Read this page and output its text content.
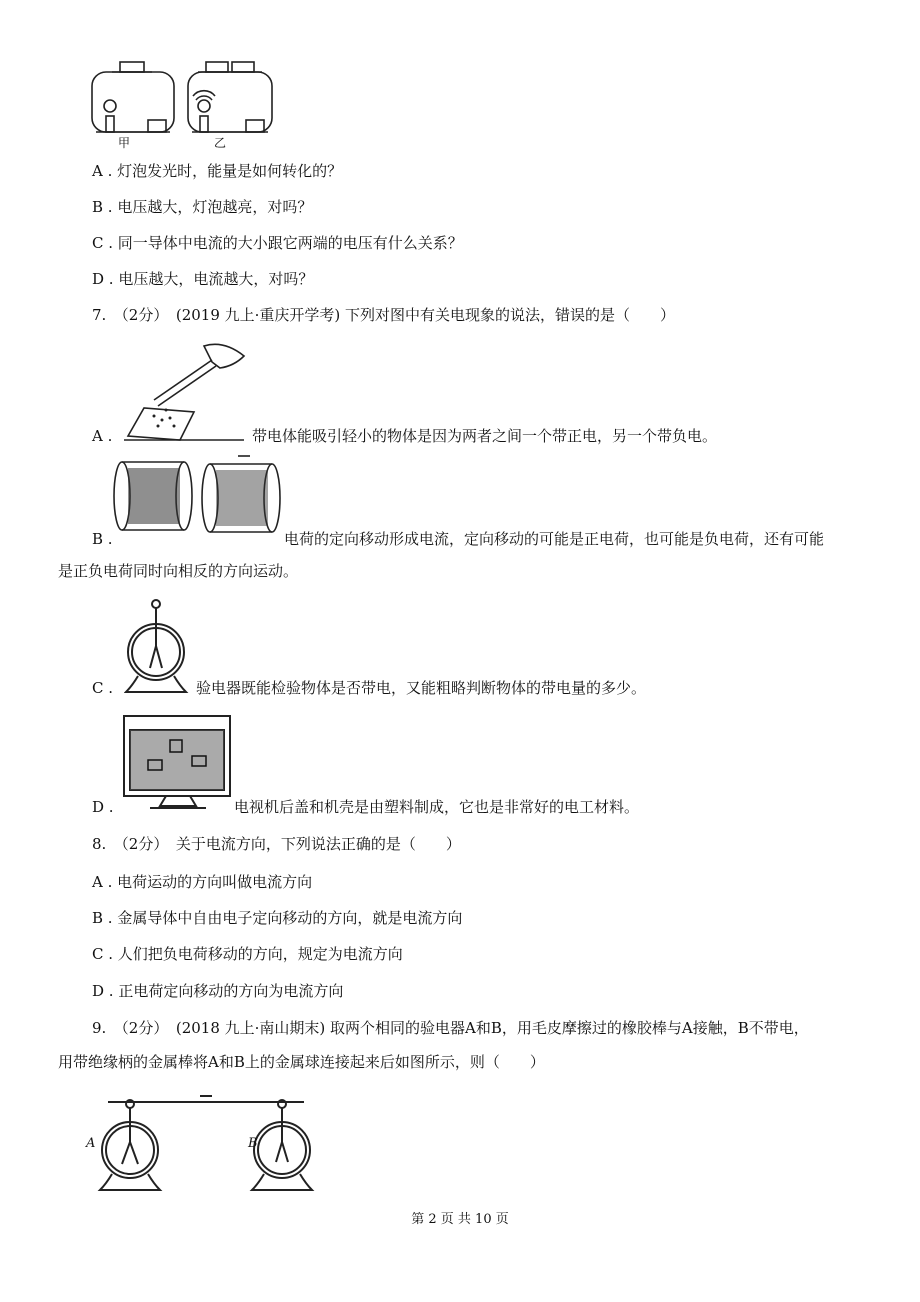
甲	乙
A . 灯泡发光时，能量是如何转化的？
B . 电压越大，灯泡越亮，对吗？
C . 同一导体中电流的大小跟它两端的电压有什么关系？
D . 电压越大，电流越大，对吗？
7.　（2分）　(2019 九上·重庆开学考) 下列对图中有关电现象的说法，错误的是（　　）
A .	带电体能吸引轻小的物体是因为两者之间一个带正电，另一个带负电。
B .	电荷的定向移动形成电流，定向移动的可能是正电荷，也可能是负电荷，还有可能
是正负电荷同时向相反的方向运动。
C .	验电器既能检验物体是否带电，又能粗略判断物体的带电量的多少。
D .	电视机后盖和机壳是由塑料制成，它也是非常好的电工材料。
8.　（2分）　关于电流方向，下列说法正确的是（　　）
A . 电荷运动的方向叫做电流方向
B . 金属导体中自由电子定向移动的方向，就是电流方向
C . 人们把负电荷移动的方向，规定为电流方向
D . 正电荷定向移动的方向为电流方向
9.　（2分）　(2018 九上·南山期末) 取两个相同的验电器A和B，用毛皮摩擦过的橡胶棒与A接触，B不带电，
用带绝缘柄的金属棒将A和B上的金属球连接起来后如图所示，则（　　）
A	B
第 2 页 共 10 页
